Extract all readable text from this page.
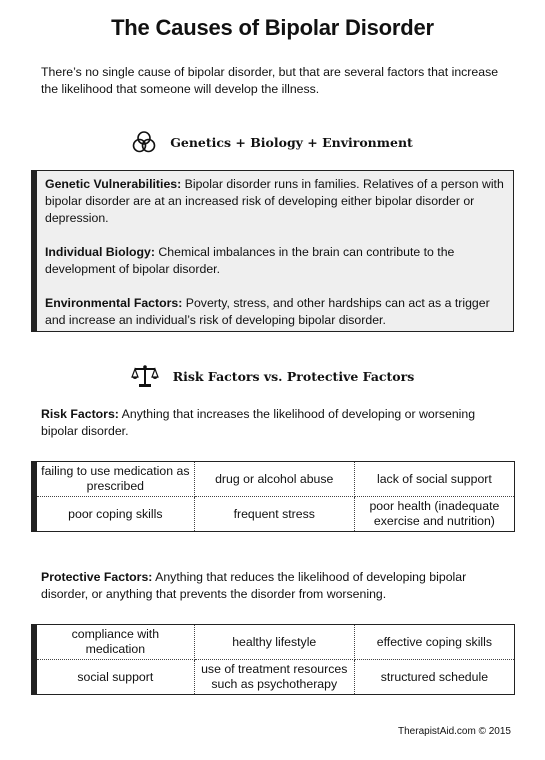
The Causes of Bipolar Disorder
There’s no single cause of bipolar disorder, but that are several factors that increase the likelihood that someone will develop the illness.
Genetics + Biology + Environment

Genetic Vulnerabilities: Bipolar disorder runs in families. Relatives of a person with bipolar disorder are at an increased risk of developing either bipolar disorder or depression.

Individual Biology: Chemical imbalances in the brain can contribute to the development of bipolar disorder.

Environmental Factors: Poverty, stress, and other hardships can act as a trigger and increase an individual’s risk of developing bipolar disorder.

Risk Factors vs. Protective Factors
Risk Factors: Anything that increases the likelihood of developing or worsening bipolar disorder.
failing to use medication as prescribed	drug or alcohol abuse	lack of social support
poor coping skills	frequent stress	poor health (inadequate exercise and nutrition)
Protective Factors: Anything that reduces the likelihood of developing bipolar disorder, or anything that prevents the disorder from worsening.
compliance with medication	healthy lifestyle	effective coping skills
social support	use of treatment resources such as psychotherapy	structured schedule
TherapistAid.com © 2015
